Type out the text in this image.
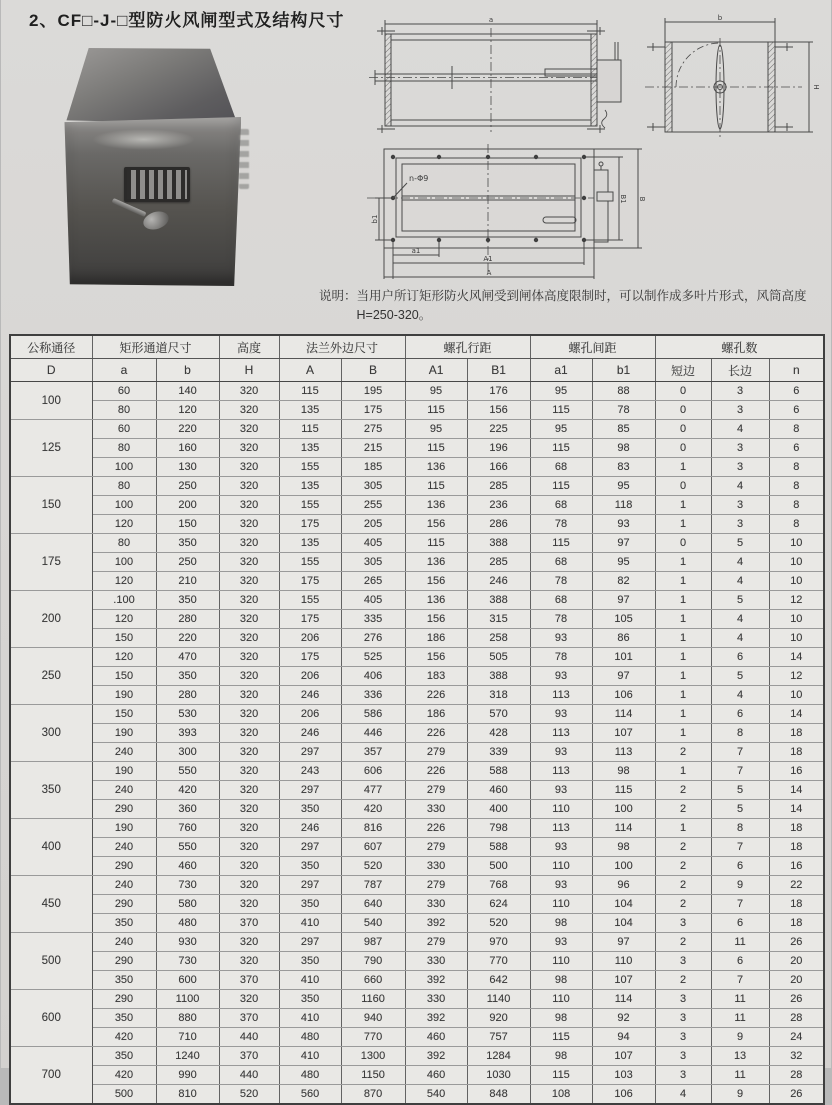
2、CF□-J-□型防火风闸型式及结构尺寸	a	b
H
n-Φ9
b1
a1
A1
A
B1 B
说明： 当用户所订矩形防火风闸受到闸体高度限制时，可以制作成多叶片形式，风筒高度H=250-320。

公称通径	矩形通道尺寸		高度	法兰外边尺寸		螺孔行距		螺孔间距		螺孔数		
D	a	b	H	A	B	A1	B1	a1	b1	短边	长边	n
100	60	140	320	115	195	95	176	95	88	0	3	6
	80	120	320	135	175	115	156	115	78	0	3	6
125	60	220	320	115	275	95	225	95	85	0	4	8
	80	160	320	135	215	115	196	115	98	0	3	6
	100	130	320	155	185	136	166	68	83	1	3	8
150	80	250	320	135	305	115	285	115	95	0	4	8
	100	200	320	155	255	136	236	68	118	1	3	8
	120	150	320	175	205	156	286	78	93	1	3	8
175	80	350	320	135	405	115	388	115	97	0	5	10
	100	250	320	155	305	136	285	68	95	1	4	10
	120	210	320	175	265	156	246	78	82	1	4	10
200	.100	350	320	155	405	136	388	68	97	1	5	12
	120	280	320	175	335	156	315	78	105	1	4	10
	150	220	320	206	276	186	258	93	86	1	4	10
250	120	470	320	175	525	156	505	78	101	1	6	14
	150	350	320	206	406	183	388	93	97	1	5	12
	190	280	320	246	336	226	318	113	106	1	4	10
300	150	530	320	206	586	186	570	93	114	1	6	14
	190	393	320	246	446	226	428	113	107	1	8	18
	240	300	320	297	357	279	339	93	113	2	7	18
350	190	550	320	243	606	226	588	113	98	1	7	16
	240	420	320	297	477	279	460	93	115	2	5	14
	290	360	320	350	420	330	400	110	100	2	5	14
400	190	760	320	246	816	226	798	113	114	1	8	18
	240	550	320	297	607	279	588	93	98	2	7	18
	290	460	320	350	520	330	500	110	100	2	6	16
450	240	730	320	297	787	279	768	93	96	2	9	22
	290	580	320	350	640	330	624	110	104	2	7	18
	350	480	370	410	540	392	520	98	104	3	6	18
500	240	930	320	297	987	279	970	93	97	2	11	26
	290	730	320	350	790	330	770	110	110	3	6	20
	350	600	370	410	660	392	642	98	107	2	7	20
600	290	1100	320	350	1160	330	1140	110	114	3	11	26
	350	880	370	410	940	392	920	98	92	3	11	28
	420	710	440	480	770	460	757	115	94	3	9	24
700	350	1240	370	410	1300	392	1284	98	107	3	13	32
	420	990	440	480	1150	460	1030	115	103	3	11	28
	500	810	520	560	870	540	848	108	106	4	9	26
